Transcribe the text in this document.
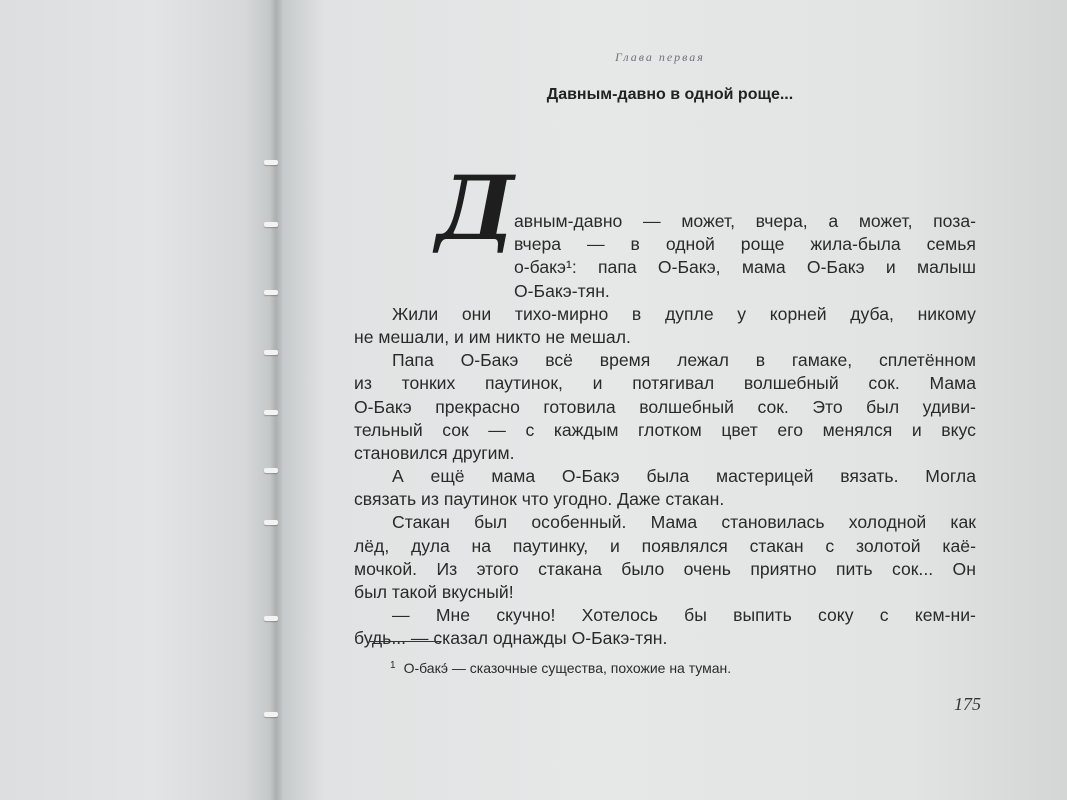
Глава первая
Давным-давно в одной роще...
Д авным-давно — может, вчера, а может, поза-
вчера — в одной роще жила-была семья
о-бакэ¹: папа О-Бакэ, мама О-Бакэ и малыш
О-Бакэ-тян.
Жили они тихо-мирно в дупле у корней дуба, никому
не мешали, и им никто не мешал.
Папа О-Бакэ всё время лежал в гамаке, сплетённом
из тонких паутинок, и потягивал волшебный сок. Мама
О-Бакэ прекрасно готовила волшебный сок. Это был удиви-
тельный сок — с каждым глотком цвет его менялся и вкус
становился другим.
А ещё мама О-Бакэ была мастерицей вязать. Могла
связать из паутинок что угодно. Даже стакан.
Стакан был особенный. Мама становилась холодной как
лёд, дула на паутинку, и появлялся стакан с золотой каё-
мочкой. Из этого стакана было очень приятно пить сок... Он
был такой вкусный!
— Мне скучно! Хотелось бы выпить соку с кем-ни-
будь... — сказал однажды О-Бакэ-тян.
$^1$ О-бакэ́ — сказочные существа, похожие на туман.
175
